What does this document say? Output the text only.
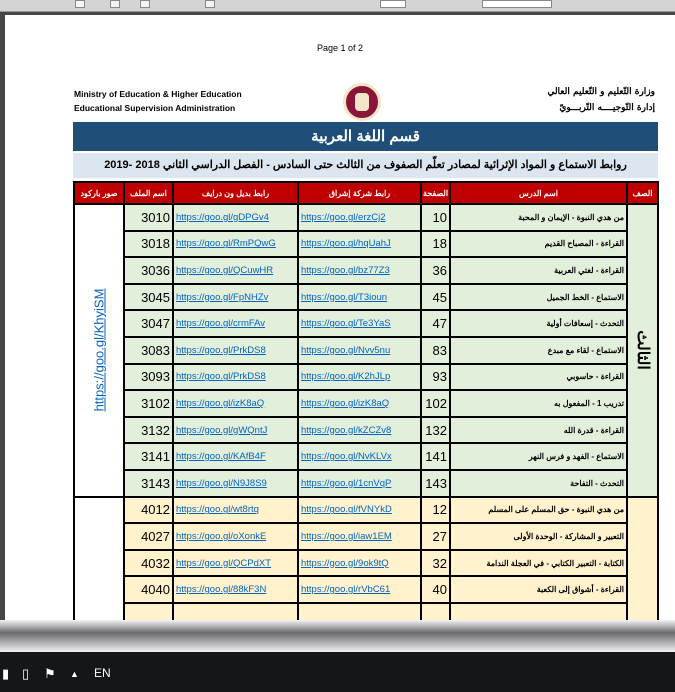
Page 1 of 2
Ministry of Education & Higher Education
Educational Supervision Administration
وزارة التّعليم و التّعليم العالي
إدارة التّوجيــــه التّربـــويّ
قسم اللغة العربية
روابط الاستماع و المواد الإثرائية لمصادر تعلّم الصفوف من الثالث حتى السادس - الفصل الدراسي الثاني 2018 -2019
صور باركود	اسم الملف	رابط بديل ون درايف	رابط شركة إشراق	الصفحة	اسم الدرس	الصف

https://goo.gl/KhyiSM	3010	https://goo.gl/gDPGv4	https://goo.gl/erzCj2	10	من هدي النبوة - الإيمان و المحبة	الثالث

	3018	https://goo.gl/RmPQwG	https://goo.gl/hqUahJ	18	القراءة - المصباح القديم	
	3036	https://goo.gl/QCuwHR	https://goo.gl/bz77Z3	36	القراءة - لغتي العربية	
	3045	https://goo.gl/FpNHZv	https://goo.gl/T3ioun	45	الاستماع - الخط الجميل	
	3047	https://goo.gl/crmFAv	https://goo.gl/Te3YaS	47	التحدث - إسعافات أولية	
	3083	https://goo.gl/PrkDS8	https://goo.gl/Nvv5nu	83	الاستماع - لقاء مع مبدع	
	3093	https://goo.gl/PrkDS8	https://goo.gl/K2hJLp	93	القراءة - حاسوبي	
	3102	https://goo.gl/izK8aQ	https://goo.gl/izK8aQ	102	تدريب 1 - المفعول به	
	3132	https://goo.gl/gWQntJ	https://goo.gl/kZCZv8	132	القراءة - قدرة الله	
	3141	https://goo.gl/KAfB4F	https://goo.gl/NvKLVx	141	الاستماع - الفهد و فرس النهر	
	3143	https://goo.gl/N9J8S9	https://goo.gl/1cnVqP	143	التحدث - التفاحة	
	4012	https://goo.gl/wt8rtq	https://goo.gl/fVNYkD	12	من هدي النبوة - حق المسلم على المسلم	
	4027	https://goo.gl/oXonkE	https://goo.gl/iaw1EM	27	التعبير و المشاركة - الوحدة الأولى	
	4032	https://goo.gl/QCPdXT	https://goo.gl/9ok9tQ	32	الكتابة - التعبير الكتابي - في العجلة الندامة	
	4040	https://goo.gl/88kF3N	https://goo.gl/rVbC61	40	القراءة - أشواق إلى الكعبة	

▮ ▯ ⚑ ▲ EN
